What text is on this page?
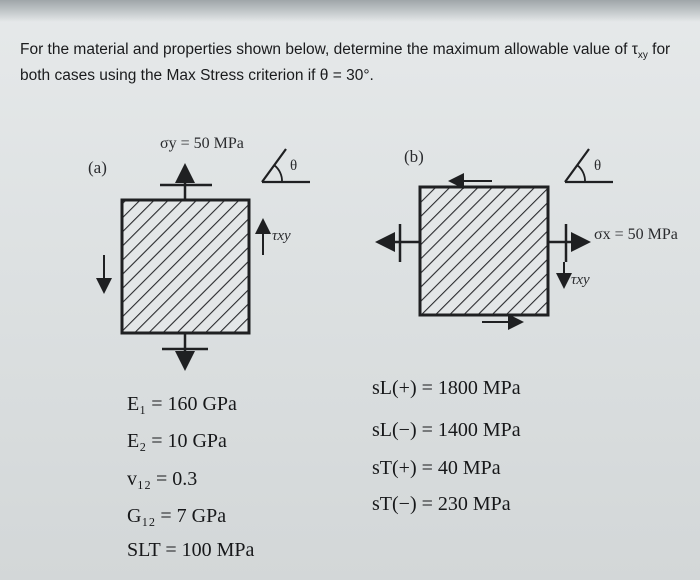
For the material and properties shown below, determine the maximum allowable value of $\tau_{xy}$ for
both cases using the Max Stress criterion if θ = 30°.
(a)
σy = 50 MPa
τxy
θ	(b)
σx = 50 MPa
τxy
θ
E₁ = 160 GPa
E₂ = 10 GPa
v₁₂ = 0.3
G₁₂ = 7 GPa
SLT = 100 MPa
sL(+) = 1800 MPa
sL(−) = 1400 MPa
sT(+) = 40 MPa
sT(−) = 230 MPa
